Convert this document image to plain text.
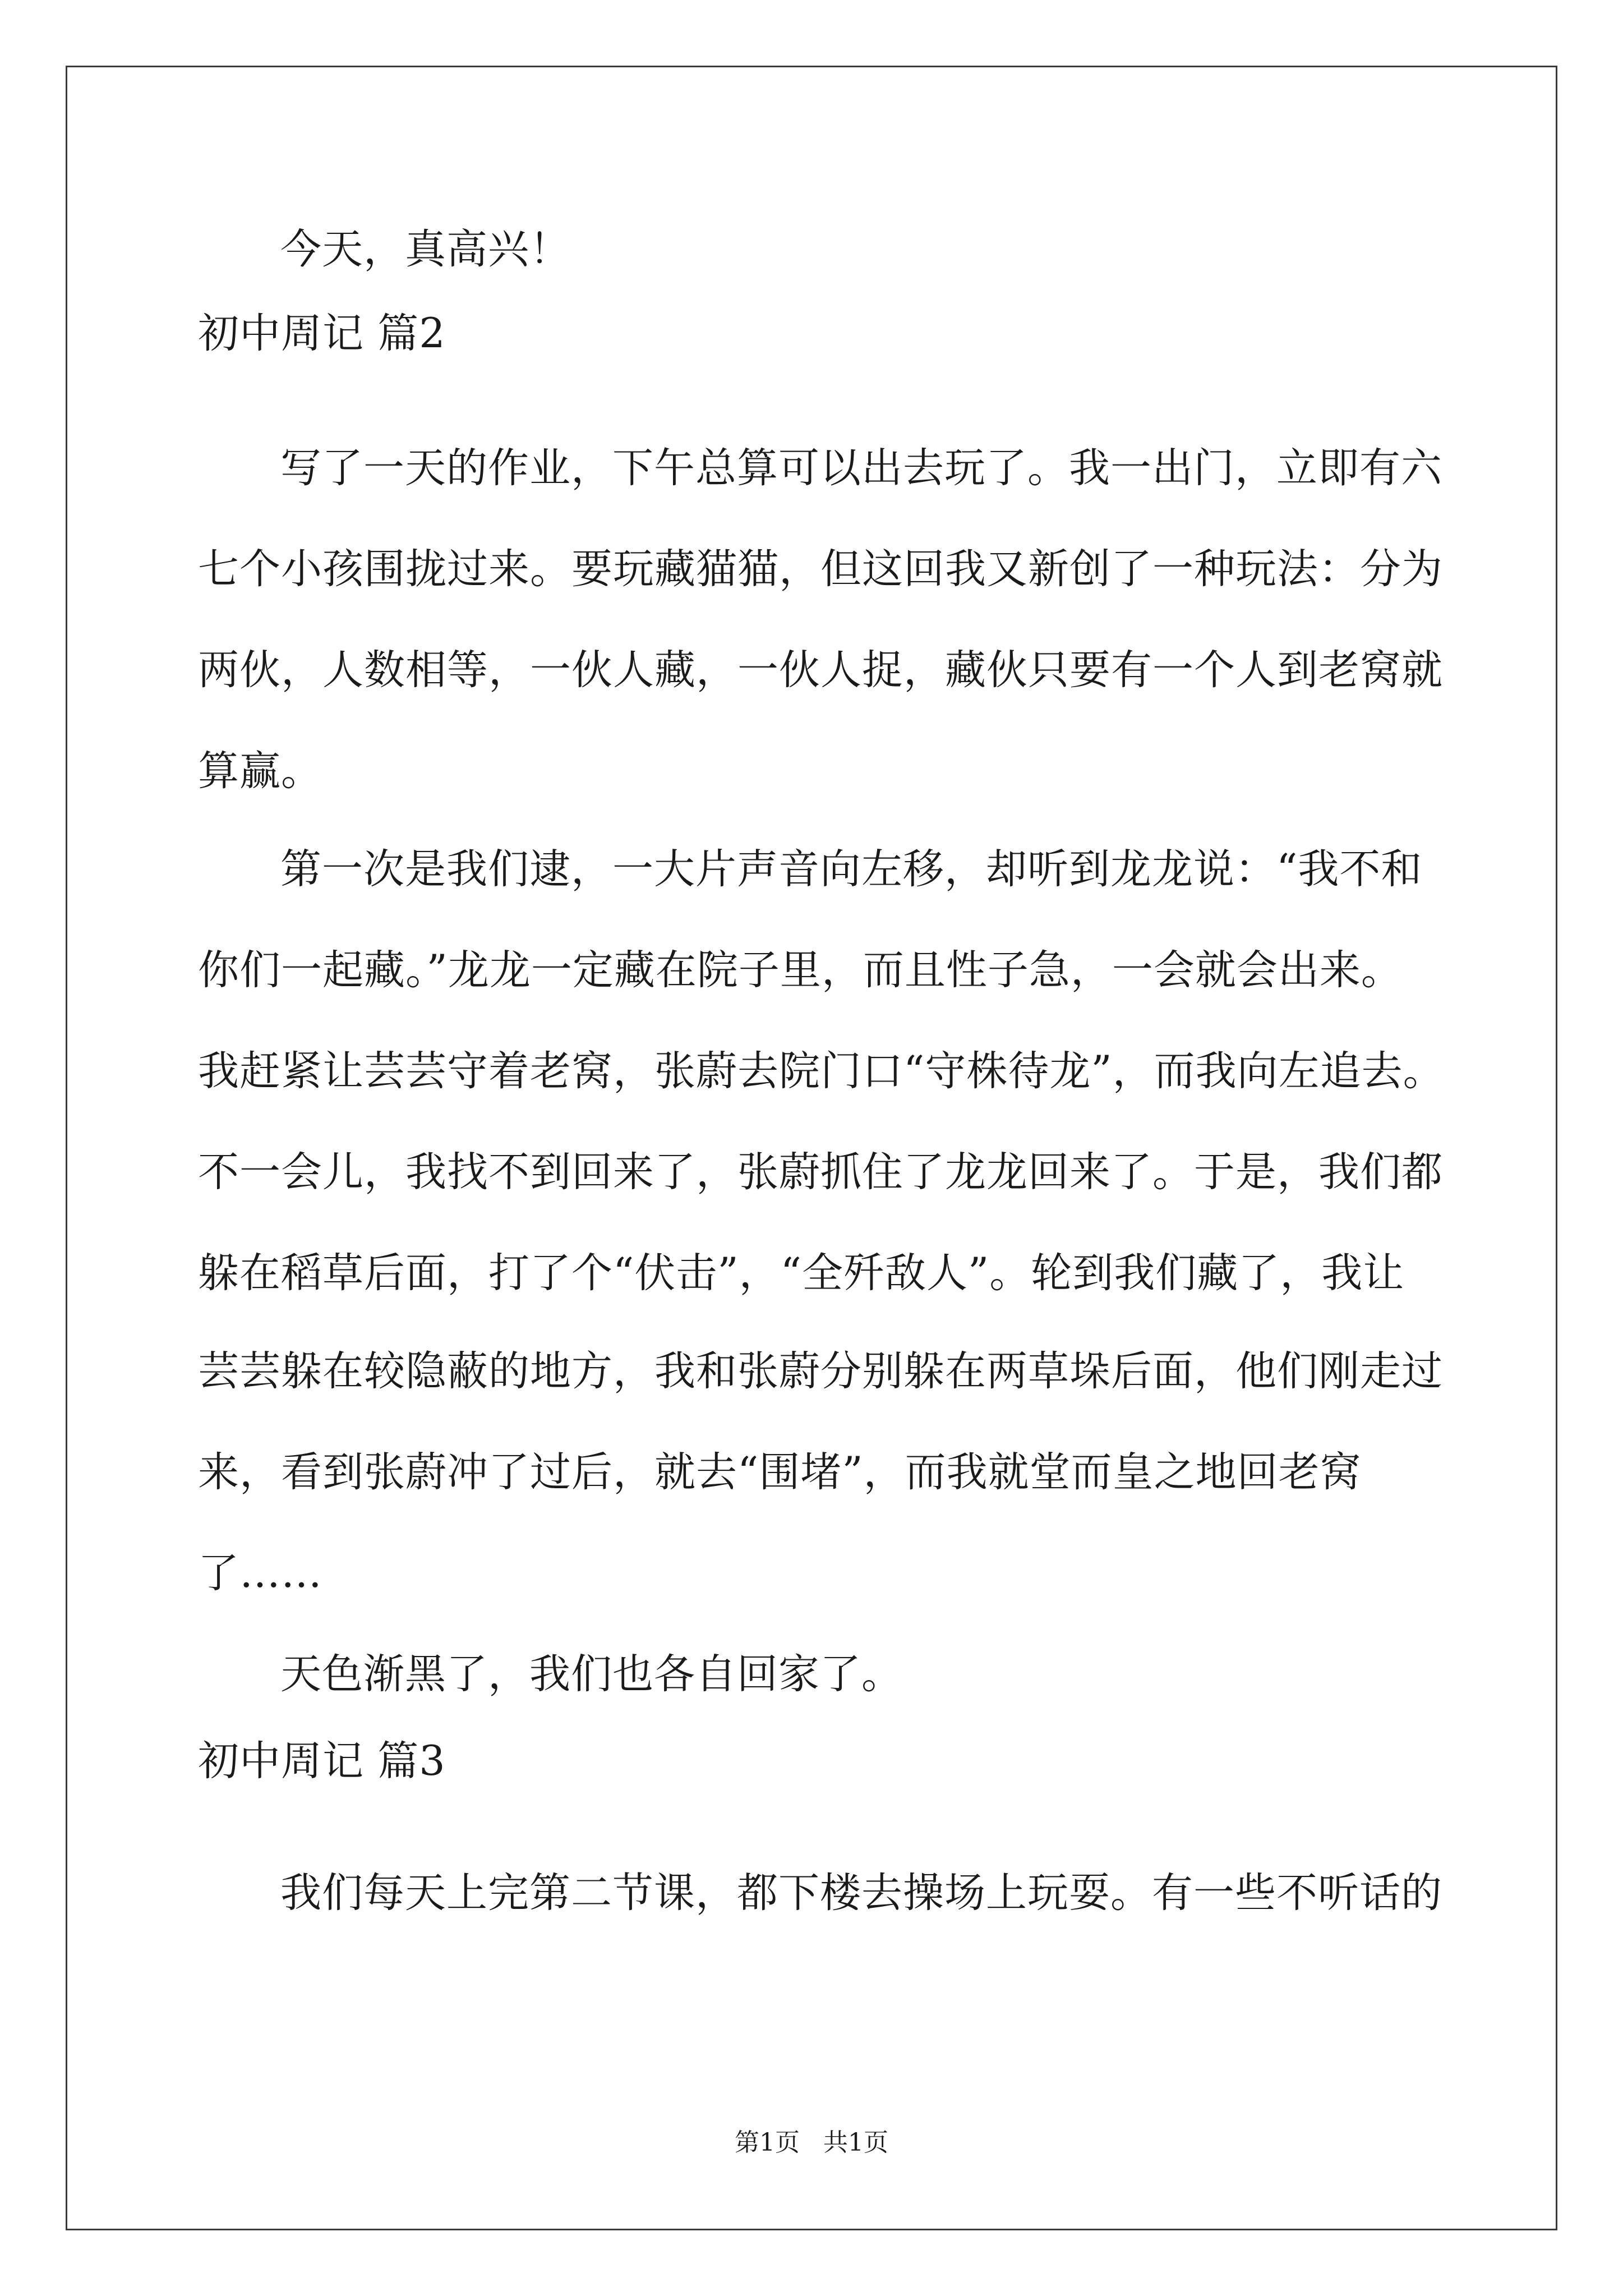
今天，真高兴！
初中周记 篇2
写了一天的作业，下午总算可以出去玩了。我一出门，立即有六
七个小孩围拢过来。要玩藏猫猫，但这回我又新创了一种玩法：分为
两伙，人数相等，一伙人藏，一伙人捉，藏伙只要有一个人到老窝就
算赢。
第一次是我们逮，一大片声音向左移，却听到龙龙说：“我不和
你们一起藏。”龙龙一定藏在院子里，而且性子急，一会就会出来。
我赶紧让芸芸守着老窝，张蔚去院门口“守株待龙”，而我向左追去。
不一会儿，我找不到回来了，张蔚抓住了龙龙回来了。于是，我们都
躲在稻草后面，打了个“伏击”，“全歼敌人”。轮到我们藏了，我让
芸芸躲在较隐蔽的地方，我和张蔚分别躲在两草垛后面，他们刚走过
来，看到张蔚冲了过后，就去“围堵”，而我就堂而皇之地回老窝
了……
天色渐黑了，我们也各自回家了。
初中周记 篇3
我们每天上完第二节课，都下楼去操场上玩耍。有一些不听话的
第1页   共1页
